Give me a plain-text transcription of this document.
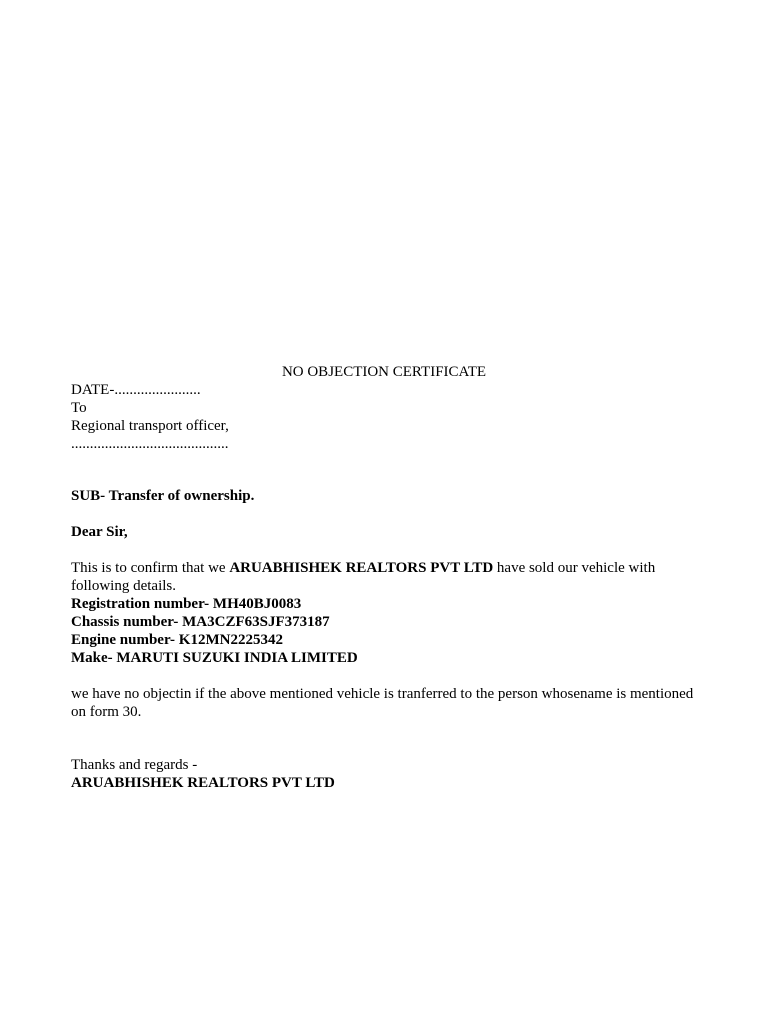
NO OBJECTION CERTIFICATE

DATE-.......................

To

Regional transport officer,

..........................................

SUB- Transfer of ownership.

Dear Sir,

This is to confirm that we ARUABHISHEK REALTORS PVT LTD have sold our vehicle with following details.

Registration number- MH40BJ0083

Chassis number- MA3CZF63SJF373187

Engine number- K12MN2225342

Make- MARUTI SUZUKI INDIA LIMITED

we have no objectin if the above mentioned vehicle is tranferred to the person whosename is mentioned on form 30.

Thanks and regards -

ARUABHISHEK REALTORS PVT LTD
